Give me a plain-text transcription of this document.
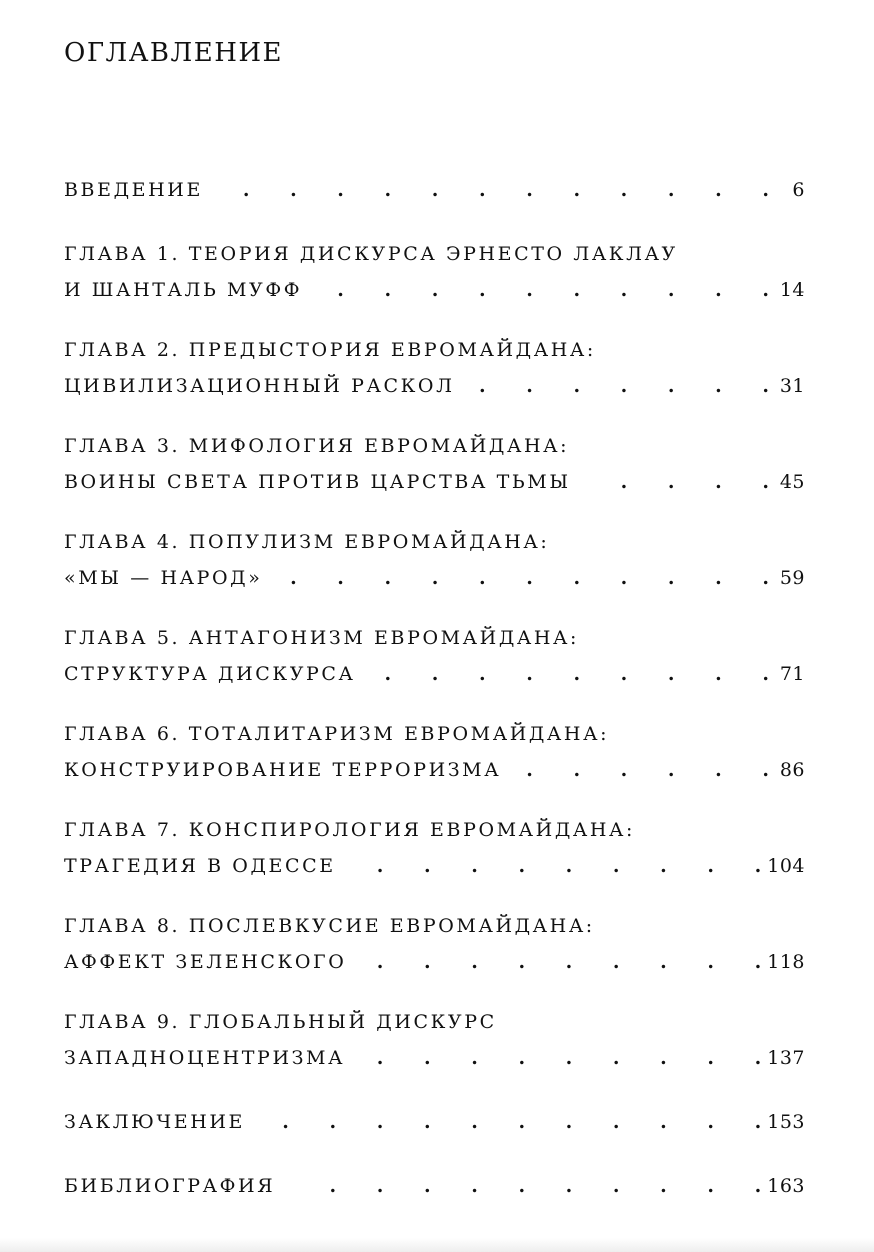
ОГЛАВЛЕНИЕ
ВВЕДЕНИЕ . . .	6
ГЛАВА 1. ТЕОРИЯ ДИСКУРСА ЭРНЕСТО ЛАКЛАУ
И ШАНТАЛЬ МУФФ . . .	14
ГЛАВА 2. ПРЕДЫСТОРИЯ ЕВРОМАЙДАНА:
ЦИВИЛИЗАЦИОННЫЙ РАСКОЛ . . .	31
ГЛАВА 3. МИФОЛОГИЯ ЕВРОМАЙДАНА:
ВОИНЫ СВЕТА ПРОТИВ ЦАРСТВА ТЬМЫ . . .	45
ГЛАВА 4. ПОПУЛИЗМ ЕВРОМАЙДАНА:
«МЫ — НАРОД» . . .	59
ГЛАВА 5. АНТАГОНИЗМ ЕВРОМАЙДАНА:
СТРУКТУРА ДИСКУРСА . . .	71
ГЛАВА 6. ТОТАЛИТАРИЗМ ЕВРОМАЙДАНА:
КОНСТРУИРОВАНИЕ ТЕРРОРИЗМА . . .	86
ГЛАВА 7. КОНСПИРОЛОГИЯ ЕВРОМАЙДАНА:
ТРАГЕДИЯ В ОДЕССЕ . . .	104
ГЛАВА 8. ПОСЛЕВКУСИЕ ЕВРОМАЙДАНА:
АФФЕКТ ЗЕЛЕНСКОГО . . .	118
ГЛАВА 9. ГЛОБАЛЬНЫЙ ДИСКУРС
ЗАПАДНОЦЕНТРИЗМА . . .	137
ЗАКЛЮЧЕНИЕ . . .	153
БИБЛИОГРАФИЯ . . .	163
